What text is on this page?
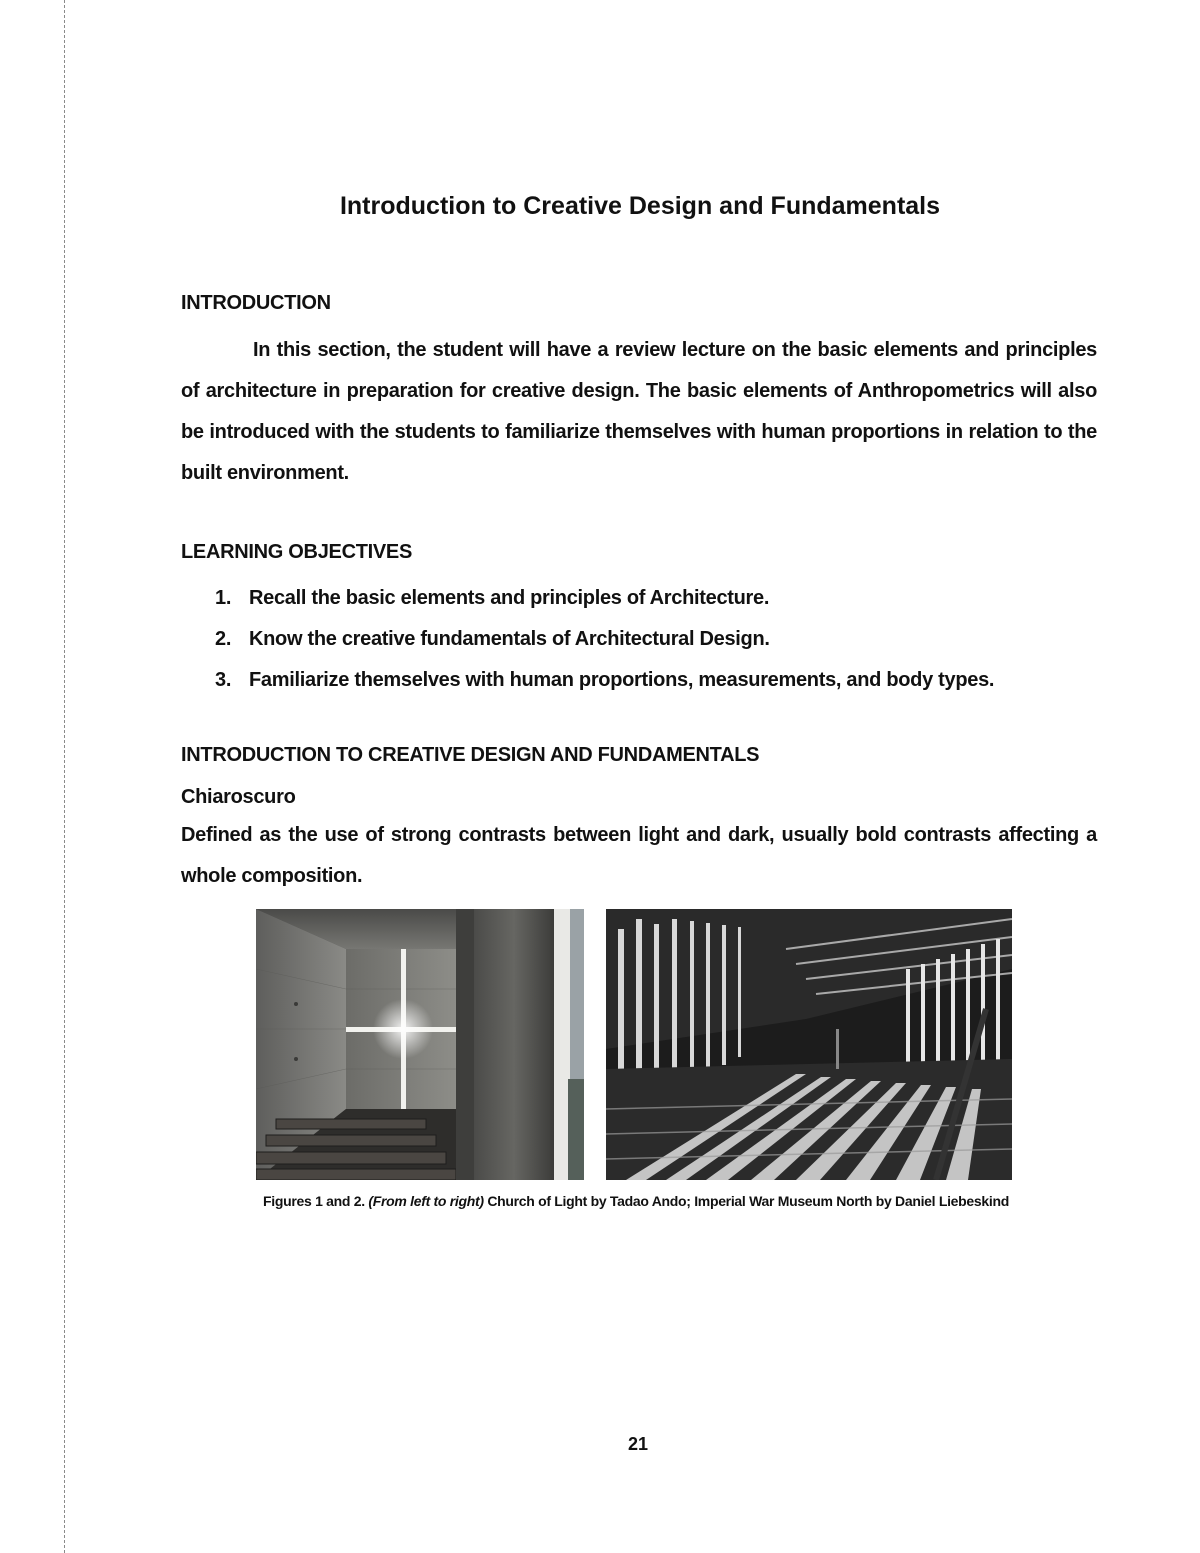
Introduction to Creative Design and Fundamentals
INTRODUCTION
In this section, the student will have a review lecture on the basic elements and principles of architecture in preparation for creative design. The basic elements of Anthropometrics will also be introduced with the students to familiarize themselves with human proportions in relation to the built environment.
LEARNING OBJECTIVES
1. Recall the basic elements and principles of Architecture.
2. Know the creative fundamentals of Architectural Design.
3. Familiarize themselves with human proportions, measurements, and body types.
INTRODUCTION TO CREATIVE DESIGN AND FUNDAMENTALS
Chiaroscuro
Defined as the use of strong contrasts between light and dark, usually bold contrasts affecting a whole composition.
Figures 1 and 2. (From left to right) Church of Light by Tadao Ando; Imperial War Museum North by Daniel Liebeskind
21
